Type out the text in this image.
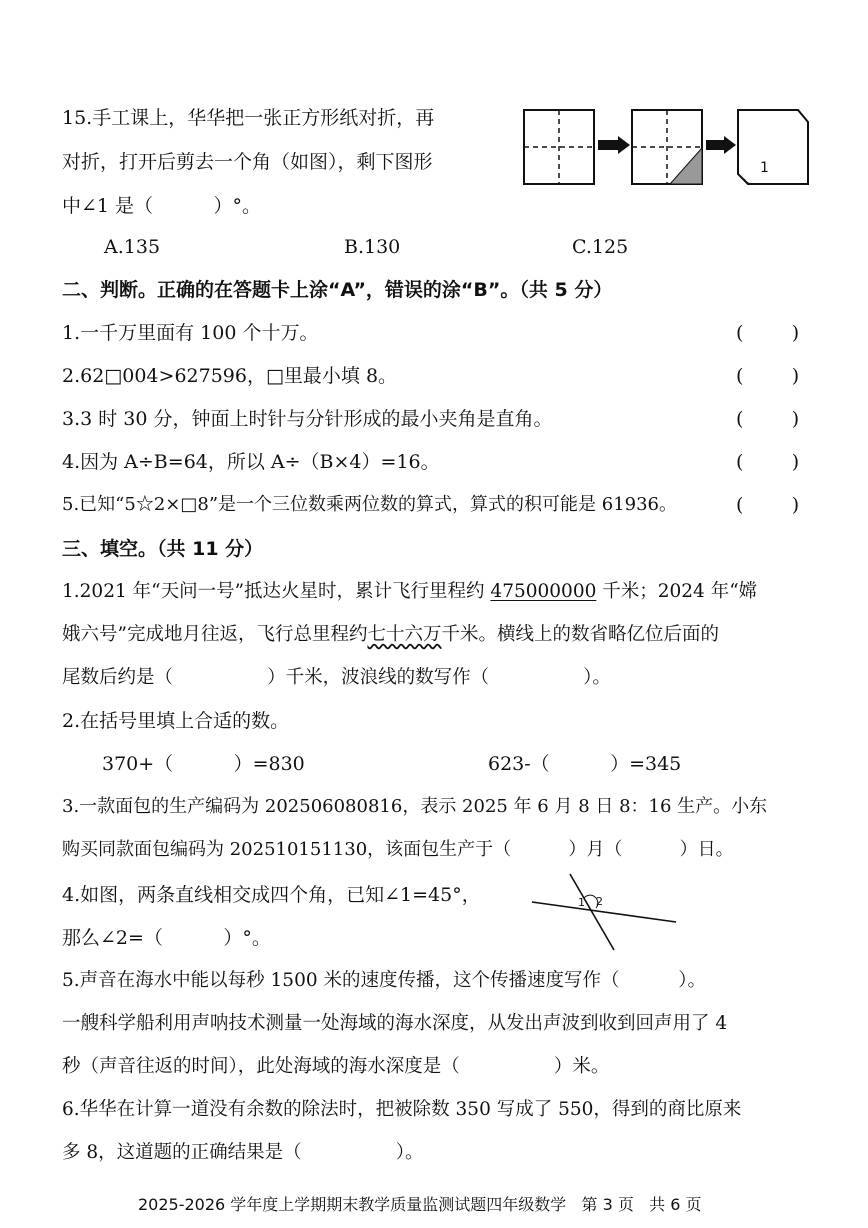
15.手工课上，华华把一张正方形纸对折，再
对折，打开后剪去一个角（如图），剩下图形
中∠1 是（          ）°。
A.135	B.130	C.125
1
二、判断。正确的在答题卡上涂“A”，错误的涂“B”。（共 5 分）
1.一千万里面有 100 个十万。	(        )
2.62□004>627596，□里最小填 8。	(        )
3.3 时 30 分，钟面上时针与分针形成的最小夹角是直角。	(        )
4.因为 A÷B=64，所以 A÷（B×4）=16。	(        )
5.已知“5☆2×□8”是一个三位数乘两位数的算式，算式的积可能是 61936。	(        )
三、填空。（共 11 分）
1.2021 年“天问一号”抵达火星时，累计飞行里程约 475000000 千米；2024 年“嫦
娥六号”完成地月往返，飞行总里程约七十六万千米。横线上的数省略亿位后面的
尾数后约是（                ）千米，波浪线的数写作（                ）。
2.在括号里填上合适的数。
370+（          ）=830	623-（          ）=345
3.一款面包的生产编码为 202506080816，表示 2025 年 6 月 8 日 8：16 生产。小东
购买同款面包编码为 202510151130，该面包生产于（          ）月（          ）日。
4.如图，两条直线相交成四个角，已知∠1=45°，
那么∠2=（          ）°。
1 2
5.声音在海水中能以每秒 1500 米的速度传播，这个传播速度写作（          ）。
一艘科学船利用声呐技术测量一处海域的海水深度，从发出声波到收到回声用了 4
秒（声音往返的时间），此处海域的海水深度是（                ）米。
6.华华在计算一道没有余数的除法时，把被除数 350 写成了 550，得到的商比原来
多 8，这道题的正确结果是（                ）。
2025-2026 学年度上学期期末教学质量监测试题四年级数学   第 3 页   共 6 页
